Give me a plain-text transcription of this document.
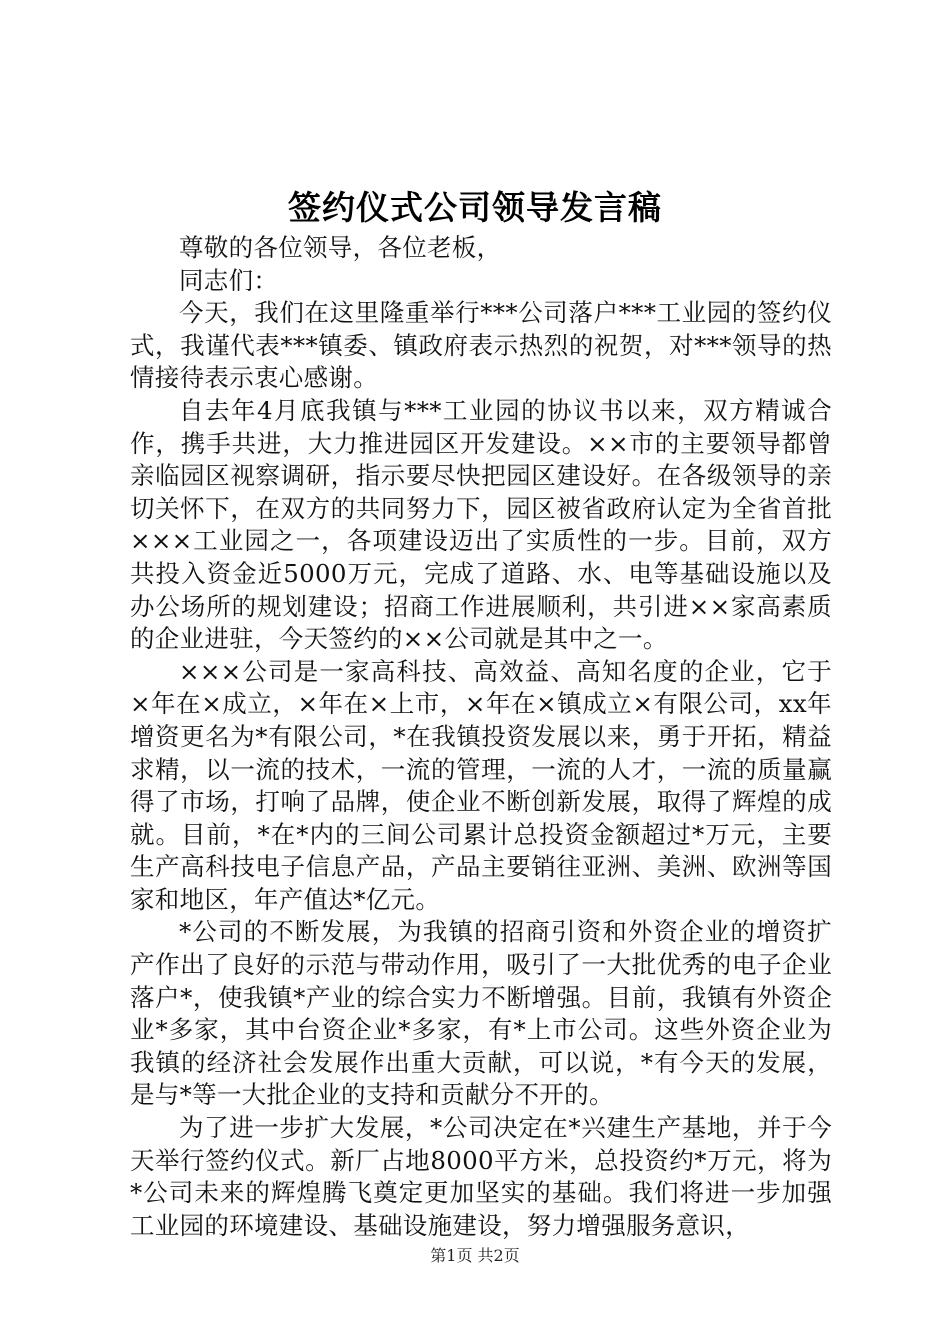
签约仪式公司领导发言稿

尊敬的各位领导，各位老板，

同志们：

今天，我们在这里隆重举行***公司落户***工业园的签约仪式，我谨代表***镇委、镇政府表示热烈的祝贺，对***领导的热情接待表示衷心感谢。

自去年4月底我镇与***工业园的协议书以来，双方精诚合作，携手共进，大力推进园区开发建设。××市的主要领导都曾亲临园区视察调研，指示要尽快把园区建设好。在各级领导的亲切关怀下，在双方的共同努力下，园区被省政府认定为全省首批×××工业园之一，各项建设迈出了实质性的一步。目前，双方共投入资金近5000万元，完成了道路、水、电等基础设施以及办公场所的规划建设；招商工作进展顺利，共引进××家高素质的企业进驻，今天签约的××公司就是其中之一。

×××公司是一家高科技、高效益、高知名度的企业，它于×年在×成立，×年在×上市，×年在×镇成立×有限公司，xx年增资更名为*有限公司，*在我镇投资发展以来，勇于开拓，精益求精，以一流的技术，一流的管理，一流的人才，一流的质量赢得了市场，打响了品牌，使企业不断创新发展，取得了辉煌的成就。目前，*在*内的三间公司累计总投资金额超过*万元，主要生产高科技电子信息产品，产品主要销往亚洲、美洲、欧洲等国家和地区，年产值达*亿元。

*公司的不断发展，为我镇的招商引资和外资企业的增资扩产作出了良好的示范与带动作用，吸引了一大批优秀的电子企业落户*，使我镇*产业的综合实力不断增强。目前，我镇有外资企业*多家，其中台资企业*多家，有*上市公司。这些外资企业为我镇的经济社会发展作出重大贡献，可以说，*有今天的发展，是与*等一大批企业的支持和贡献分不开的。

为了进一步扩大发展，*公司决定在*兴建生产基地，并于今天举行签约仪式。新厂占地8000平方米，总投资约*万元，将为*公司未来的辉煌腾飞奠定更加坚实的基础。我们将进一步加强工业园的环境建设、基础设施建设，努力增强服务意识，

第1页 共2页
